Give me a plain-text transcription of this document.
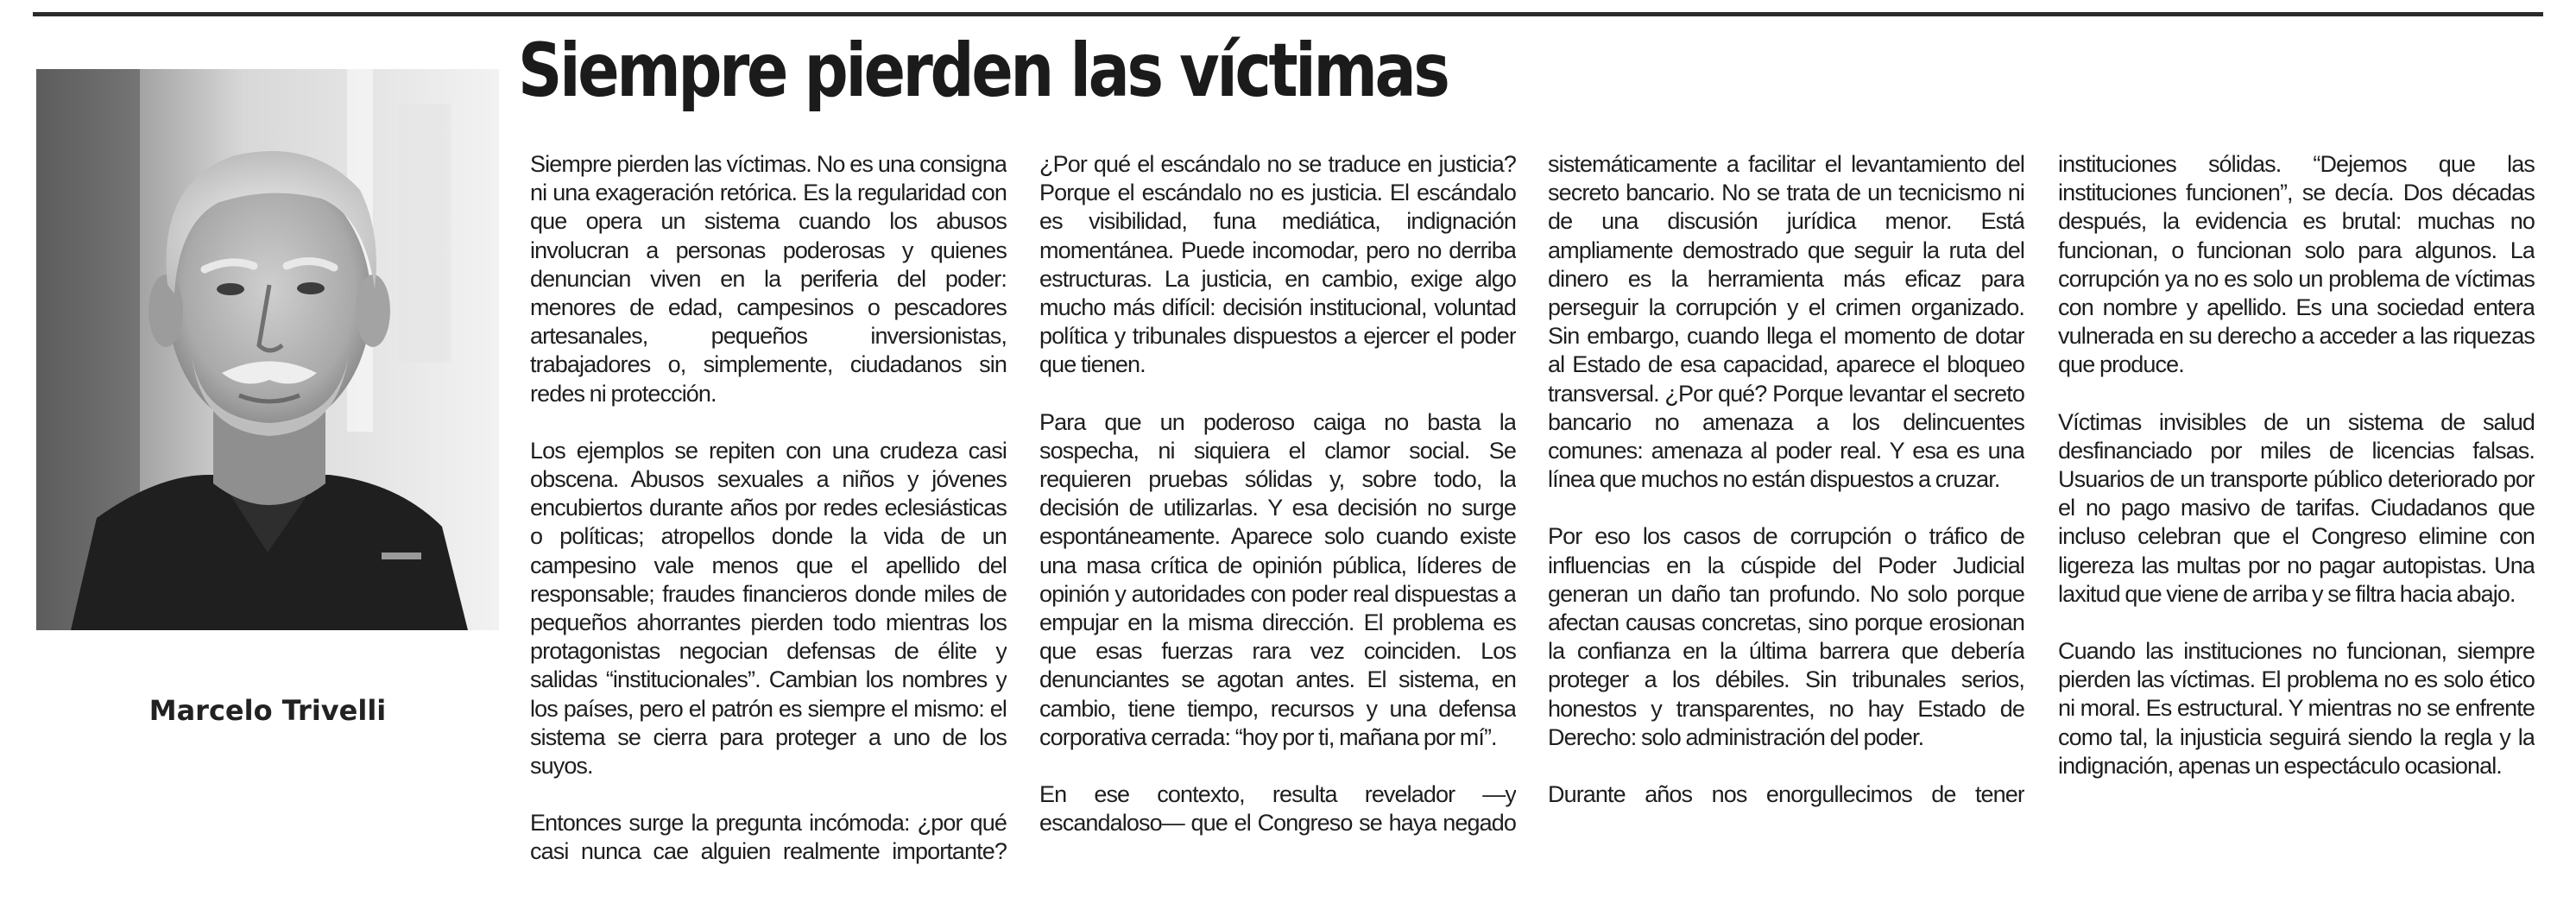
Siempre pierden las víctimas
Marcelo Trivelli

Siempre pierden las víctimas. No es una consigna ni una exageración retórica. Es la regularidad con que opera un sistema cuando los abusos involucran a personas poderosas y quienes denuncian viven en la periferia del poder: menores de edad, campesinos o pescadores artesanales, pequeños inversionistas, trabajadores o, simplemente, ciudadanos sin redes ni protección.

Los ejemplos se repiten con una crudeza casi obscena. Abusos sexuales a niños y jóvenes encubiertos durante años por redes eclesiásticas o políticas; atropellos donde la vida de un campesino vale menos que el apellido del responsable; fraudes financieros donde miles de pequeños ahorrantes pierden todo mientras los protagonistas negocian defensas de élite y salidas “institucionales”. Cambian los nombres y los países, pero el patrón es siempre el mismo: el sistema se cierra para proteger a uno de los suyos.

Entonces surge la pregunta incómoda: ¿por qué casi nunca cae alguien realmente importante?

¿Por qué el escándalo no se traduce en justicia? Porque el escándalo no es justicia. El escándalo es visibilidad, funa mediática, indignación momentánea. Puede incomodar, pero no derriba estructuras. La justicia, en cambio, exige algo mucho más difícil: decisión institucional, voluntad política y tribunales dispuestos a ejercer el poder que tienen.

Para que un poderoso caiga no basta la sospecha, ni siquiera el clamor social. Se requieren pruebas sólidas y, sobre todo, la decisión de utilizarlas. Y esa decisión no surge espontáneamente. Aparece solo cuando existe una masa crítica de opinión pública, líderes de opinión y autoridades con poder real dispuestas a empujar en la misma dirección. El problema es que esas fuerzas rara vez coinciden. Los denunciantes se agotan antes. El sistema, en cambio, tiene tiempo, recursos y una defensa corporativa cerrada: “hoy por ti, mañana por mí”.

En ese contexto, resulta revelador —y escandaloso— que el Congreso se haya negado

sistemáticamente a facilitar el levantamiento del secreto bancario. No se trata de un tecnicismo ni de una discusión jurídica menor. Está ampliamente demostrado que seguir la ruta del dinero es la herramienta más eficaz para perseguir la corrupción y el crimen organizado. Sin embargo, cuando llega el momento de dotar al Estado de esa capacidad, aparece el bloqueo transversal. ¿Por qué? Porque levantar el secreto bancario no amenaza a los delincuentes comunes: amenaza al poder real. Y esa es una línea que muchos no están dispuestos a cruzar.

Por eso los casos de corrupción o tráfico de influencias en la cúspide del Poder Judicial generan un daño tan profundo. No solo porque afectan causas concretas, sino porque erosionan la confianza en la última barrera que debería proteger a los débiles. Sin tribunales serios, honestos y transparentes, no hay Estado de Derecho: solo administración del poder.

Durante años nos enorgullecimos de tener

instituciones sólidas. “Dejemos que las instituciones funcionen”, se decía. Dos décadas después, la evidencia es brutal: muchas no funcionan, o funcionan solo para algunos. La corrupción ya no es solo un problema de víctimas con nombre y apellido. Es una sociedad entera vulnerada en su derecho a acceder a las riquezas que produce.

Víctimas invisibles de un sistema de salud desfinanciado por miles de licencias falsas. Usuarios de un transporte público deteriorado por el no pago masivo de tarifas. Ciudadanos que incluso celebran que el Congreso elimine con ligereza las multas por no pagar autopistas. Una laxitud que viene de arriba y se filtra hacia abajo.

Cuando las instituciones no funcionan, siempre pierden las víctimas. El problema no es solo ético ni moral. Es estructural. Y mientras no se enfrente como tal, la injusticia seguirá siendo la regla y la indignación, apenas un espectáculo ocasional.
